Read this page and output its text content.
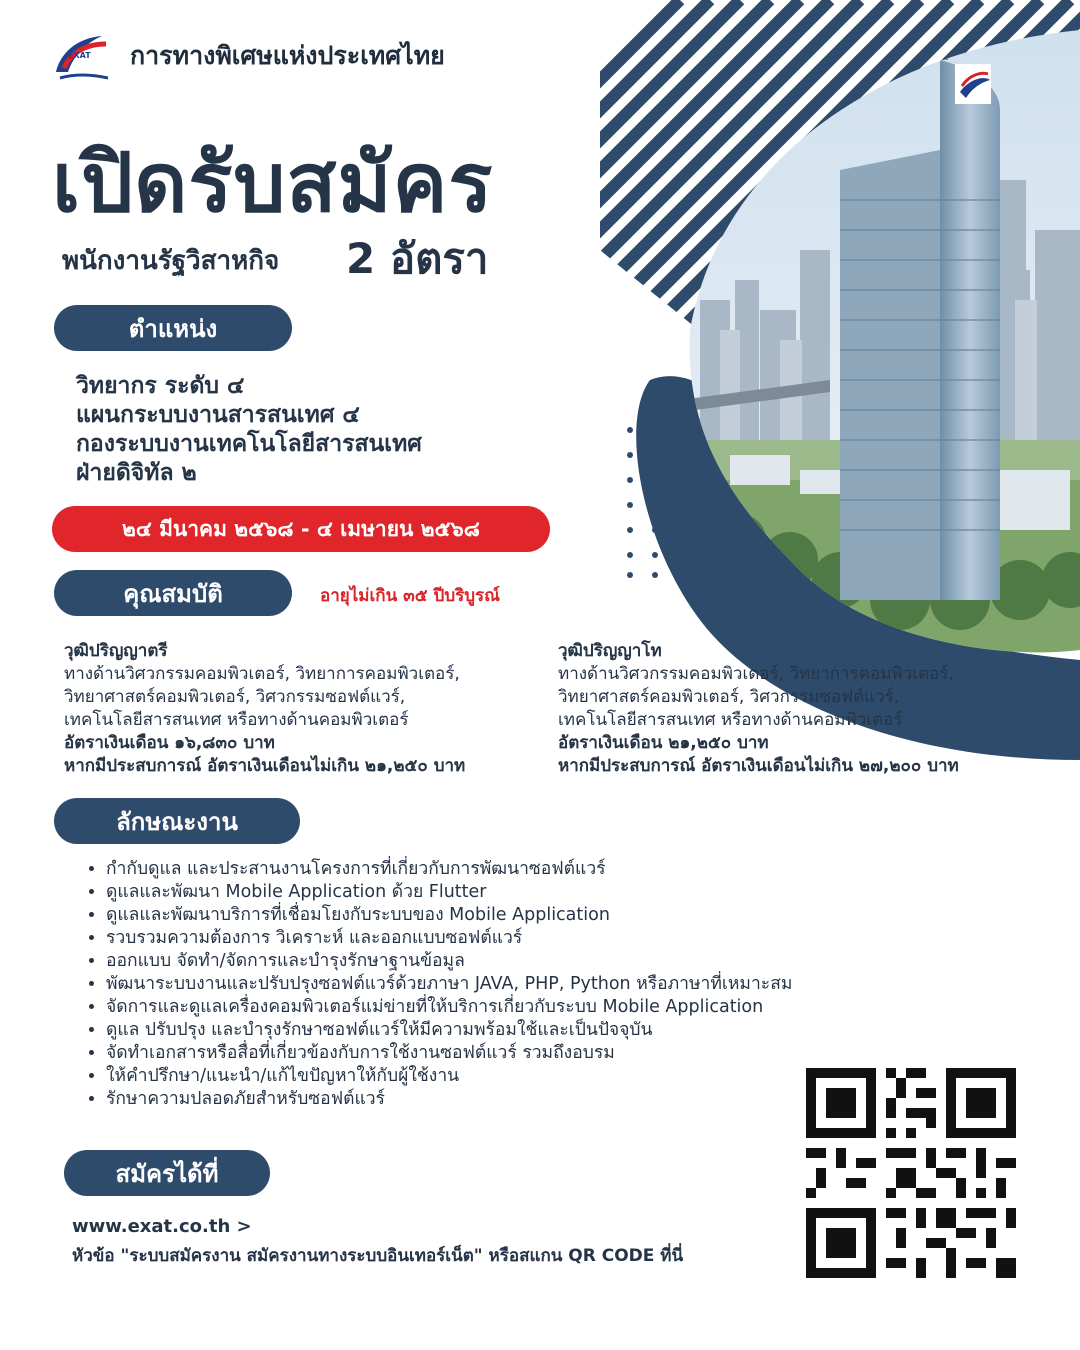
EXAT การทางพิเศษแห่งประเทศไทย
เปิดรับสมัคร
พนักงานรัฐวิสาหกิจ 2 อัตรา
ตำแหน่ง
วิทยากร ระดับ ๔
แผนกระบบงานสารสนเทศ ๔
กองระบบงานเทคโนโลยีสารสนเทศ
ฝ่ายดิจิทัล ๒
๒๔ มีนาคม ๒๕๖๘ - ๔ เมษายน ๒๕๖๘
คุณสมบัติ	อายุไม่เกิน ๓๕ ปีบริบูรณ์
วุฒิปริญญาตรี
ทางด้านวิศวกรรมคอมพิวเตอร์, วิทยาการคอมพิวเตอร์,
วิทยาศาสตร์คอมพิวเตอร์, วิศวกรรมซอฟต์แวร์,
เทคโนโลยีสารสนเทศ หรือทางด้านคอมพิวเตอร์
อัตราเงินเดือน ๑๖,๘๓๐ บาท
หากมีประสบการณ์ อัตราเงินเดือนไม่เกิน ๒๑,๒๕๐ บาท
วุฒิปริญญาโท
ทางด้านวิศวกรรมคอมพิวเตอร์, วิทยาการคอมพิวเตอร์,
วิทยาศาสตร์คอมพิวเตอร์, วิศวกรรมซอฟต์แวร์,
เทคโนโลยีสารสนเทศ หรือทางด้านคอมพิวเตอร์
อัตราเงินเดือน ๒๑,๒๕๐ บาท
หากมีประสบการณ์ อัตราเงินเดือนไม่เกิน ๒๗,๒๐๐ บาท
ลักษณะงาน
• กำกับดูแล และประสานงานโครงการที่เกี่ยวกับการพัฒนาซอฟต์แวร์
• ดูแลและพัฒนา Mobile Application ด้วย Flutter
• ดูแลและพัฒนาบริการที่เชื่อมโยงกับระบบของ Mobile Application
• รวบรวมความต้องการ วิเคราะห์ และออกแบบซอฟต์แวร์
• ออกแบบ จัดทำ/จัดการและบำรุงรักษาฐานข้อมูล
• พัฒนาระบบงานและปรับปรุงซอฟต์แวร์ด้วยภาษา JAVA, PHP, Python หรือภาษาที่เหมาะสม
• จัดการและดูแลเครื่องคอมพิวเตอร์แม่ข่ายที่ให้บริการเกี่ยวกับระบบ Mobile Application
• ดูแล ปรับปรุง และบำรุงรักษาซอฟต์แวร์ให้มีความพร้อมใช้และเป็นปัจจุบัน
• จัดทำเอกสารหรือสื่อที่เกี่ยวข้องกับการใช้งานซอฟต์แวร์ รวมถึงอบรม
• ให้คำปรึกษา/แนะนำ/แก้ไขปัญหาให้กับผู้ใช้งาน
• รักษาความปลอดภัยสำหรับซอฟต์แวร์
สมัครได้ที่
www.exat.co.th >
หัวข้อ "ระบบสมัครงาน สมัครงานทางระบบอินเทอร์เน็ต" หรือสแกน QR CODE ที่นี่
